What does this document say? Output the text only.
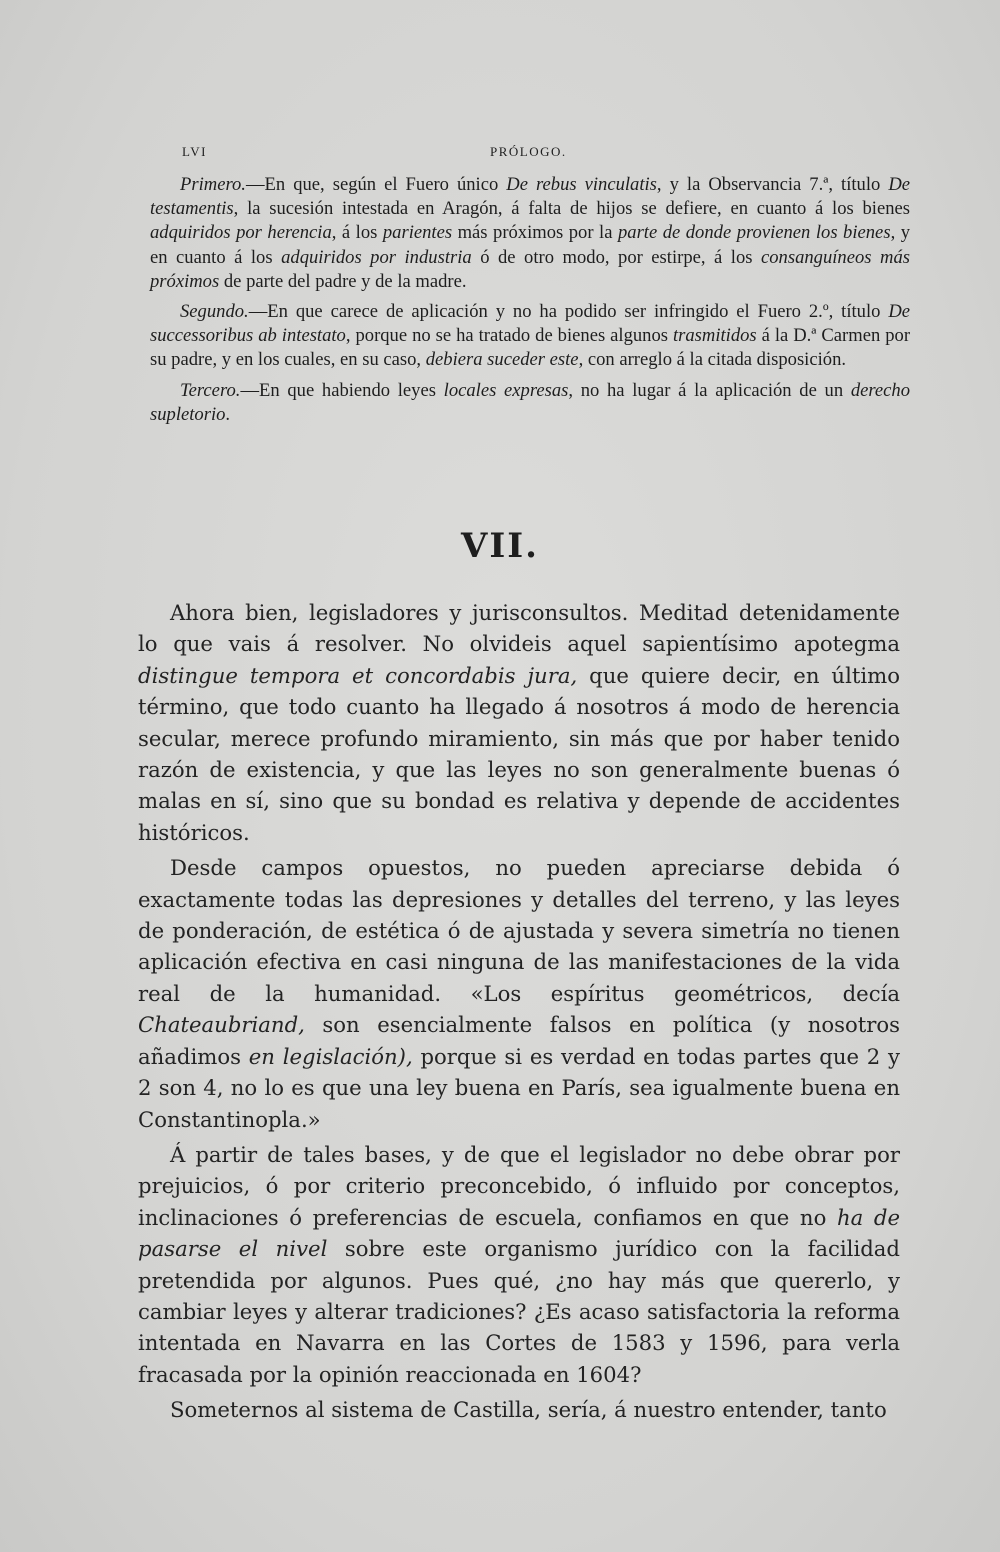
LVI	PRÓLOGO.

Primero.—En que, según el Fuero único De rebus vinculatis, y la Observancia 7.ª, título De testamentis, la sucesión intestada en Aragón, á falta de hijos se defiere, en cuanto á los bienes adquiridos por herencia, á los parientes más próximos por la parte de donde provienen los bienes, y en cuanto á los adquiridos por industria ó de otro modo, por estirpe, á los consanguíneos más próximos de parte del padre y de la madre.

Segundo.—En que carece de aplicación y no ha podido ser infringido el Fuero 2.º, título De successoribus ab intestato, porque no se ha tratado de bienes algunos trasmitidos á la D.ª Carmen por su padre, y en los cuales, en su caso, debiera suceder este, con arreglo á la citada disposición.

Tercero.—En que habiendo leyes locales expresas, no ha lugar á la aplicación de un derecho supletorio.

VII.

Ahora bien, legisladores y jurisconsultos. Meditad detenidamente lo que vais á resolver. No olvideis aquel sapientísimo apotegma distingue tempora et concordabis jura, que quiere decir, en último término, que todo cuanto ha llegado á nosotros á modo de herencia secular, merece profundo miramiento, sin más que por haber tenido razón de existencia, y que las leyes no son generalmente buenas ó malas en sí, sino que su bondad es relativa y depende de accidentes históricos.

Desde campos opuestos, no pueden apreciarse debida ó exactamente todas las depresiones y detalles del terreno, y las leyes de ponderación, de estética ó de ajustada y severa simetría no tienen aplicación efectiva en casi ninguna de las manifestaciones de la vida real de la humanidad. «Los espíritus geométricos, decía Chateaubriand, son esencialmente falsos en política (y nosotros añadimos en legislación), porque si es verdad en todas partes que 2 y 2 son 4, no lo es que una ley buena en París, sea igualmente buena en Constantinopla.»

Á partir de tales bases, y de que el legislador no debe obrar por prejuicios, ó por criterio preconcebido, ó influido por conceptos, inclinaciones ó preferencias de escuela, confiamos en que no ha de pasarse el nivel sobre este organismo jurídico con la facilidad pretendida por algunos. Pues qué, ¿no hay más que quererlo, y cambiar leyes y alterar tradiciones? ¿Es acaso satisfactoria la reforma intentada en Navarra en las Cortes de 1583 y 1596, para verla fracasada por la opinión reaccionada en 1604?

Someternos al sistema de Castilla, sería, á nuestro entender, tanto
